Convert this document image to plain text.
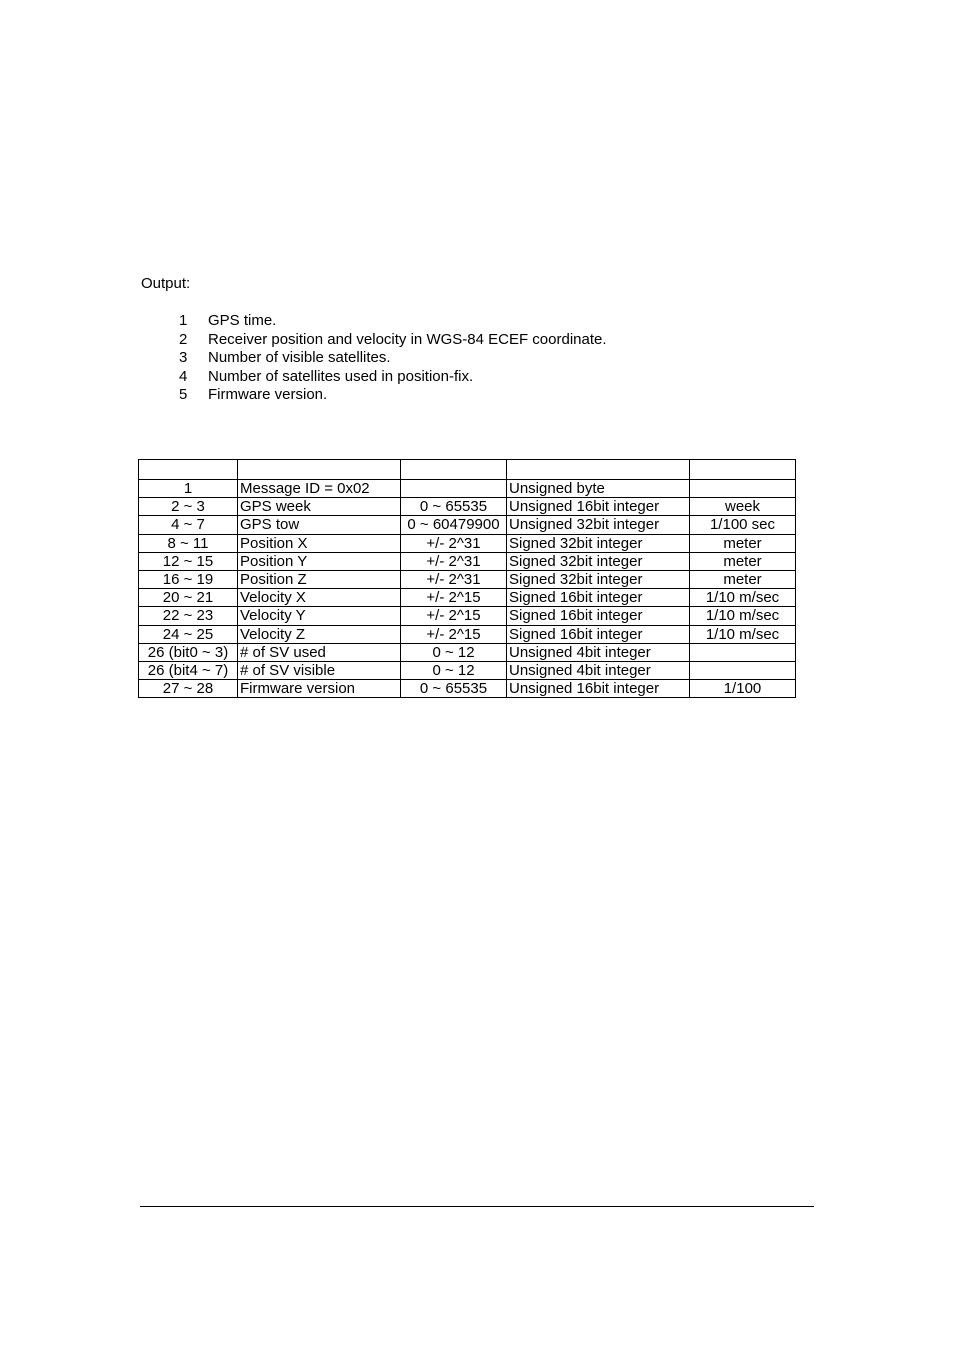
Output:
1	GPS time.
2	Receiver position and velocity in WGS-84 ECEF coordinate.
3	Number of visible satellites.
4	Number of satellites used in position-fix.
5	Firmware version.

1	Message ID = 0x02		Unsigned byte	
2 ~ 3	GPS week	0 ~ 65535	Unsigned 16bit integer	week
4 ~ 7	GPS tow	0 ~ 60479900	Unsigned 32bit integer	1/100 sec
8 ~ 11	Position X	+/- 2^31	Signed 32bit integer	meter
12 ~ 15	Position Y	+/- 2^31	Signed 32bit integer	meter
16 ~ 19	Position Z	+/- 2^31	Signed 32bit integer	meter
20 ~ 21	Velocity X	+/- 2^15	Signed 16bit integer	1/10 m/sec
22 ~ 23	Velocity Y	+/- 2^15	Signed 16bit integer	1/10 m/sec
24 ~ 25	Velocity Z	+/- 2^15	Signed 16bit integer	1/10 m/sec
26 (bit0 ~ 3)	# of SV used	0 ~ 12	Unsigned 4bit integer	
26 (bit4 ~ 7)	# of SV visible	0 ~ 12	Unsigned 4bit integer	
27 ~ 28	Firmware version	0 ~ 65535	Unsigned 16bit integer	1/100
